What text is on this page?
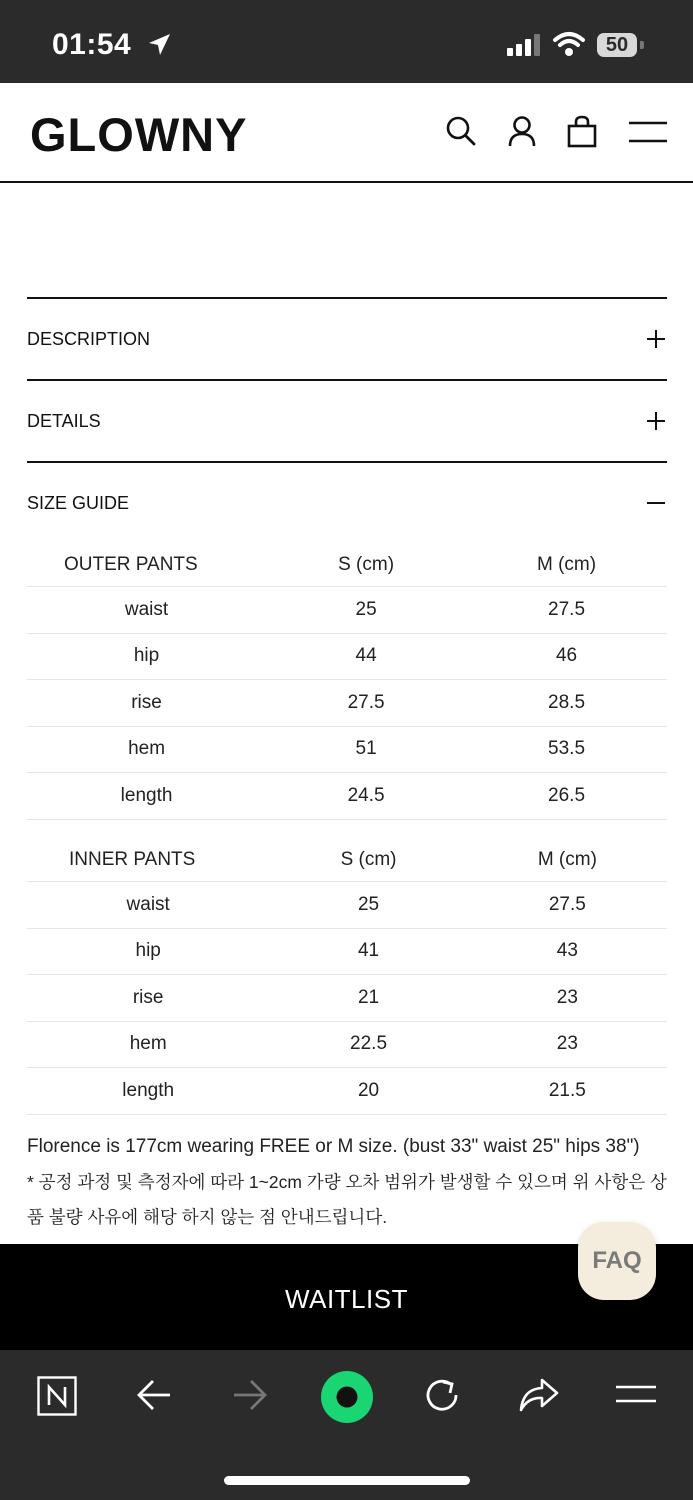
01:54	50
GLOWNY
DESCRIPTION
DETAILS
SIZE GUIDE
OUTER PANTS	S (cm)	M (cm)
waist	25	27.5
hip	44	46
rise	27.5	28.5
hem	51	53.5
length	24.5	26.5
INNER PANTS	S (cm)	M (cm)
waist	25	27.5
hip	41	43
rise	21	23
hem	22.5	23
length	20	21.5
Florence is 177cm wearing FREE or M size. (bust 33" waist 25" hips 38")
* 공정 과정 및 측정자에 따라 1~2cm 가량 오차 범위가 발생할 수 있으며 위 사항은 상품 불량 사유에 해당 하지 않는 점 안내드립니다.
WAITLIST
FAQ
